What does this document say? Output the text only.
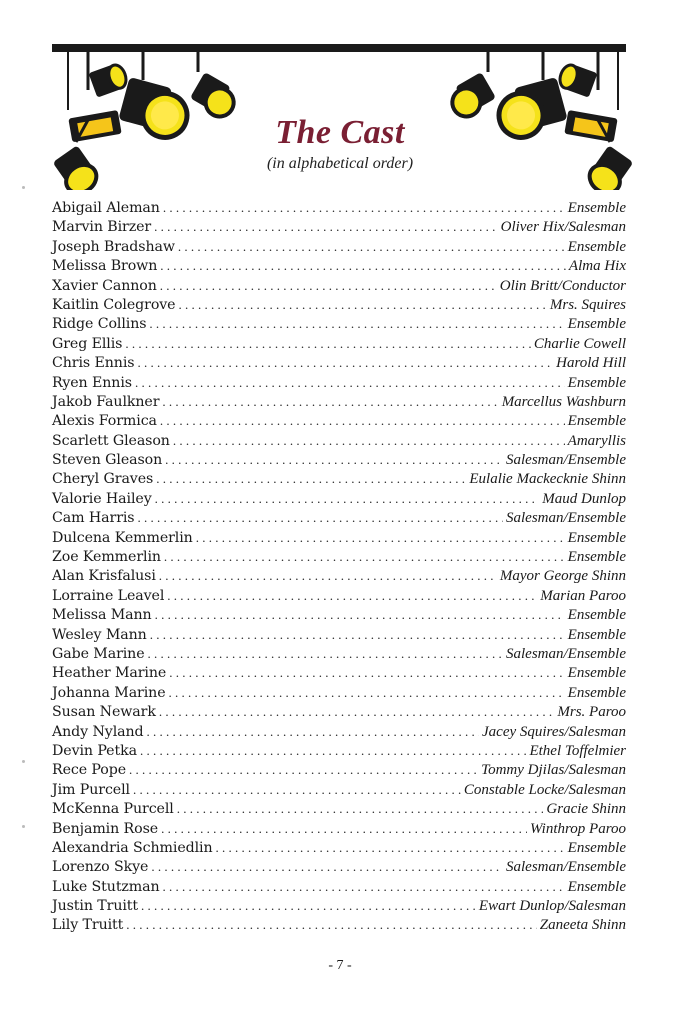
The Cast
(in alphabetical order)
Abigail Aleman . . .	Ensemble
Marvin Birzer . . .	Oliver Hix/Salesman
Joseph Bradshaw . . .	Ensemble
Melissa Brown . . .	Alma Hix
Xavier Cannon . . .	Olin Britt/Conductor
Kaitlin Colegrove . . .	Mrs. Squires
Ridge Collins . . .	Ensemble
Greg Ellis . . .	Charlie Cowell
Chris Ennis . . .	Harold Hill
Ryen Ennis . . .	Ensemble
Jakob Faulkner . . .	Marcellus Washburn
Alexis Formica . . .	Ensemble
Scarlett Gleason . . .	Amaryllis
Steven Gleason . . .	Salesman/Ensemble
Cheryl Graves . . .	Eulalie Mackecknie Shinn
Valorie Hailey . . .	Maud Dunlop
Cam Harris . . .	Salesman/Ensemble
Dulcena Kemmerlin . . .	Ensemble
Zoe Kemmerlin . . .	Ensemble
Alan Krisfalusi . . .	Mayor George Shinn
Lorraine Leavel . . .	Marian Paroo
Melissa Mann . . .	Ensemble
Wesley Mann . . .	Ensemble
Gabe Marine . . .	Salesman/Ensemble
Heather Marine . . .	Ensemble
Johanna Marine . . .	Ensemble
Susan Newark . . .	Mrs. Paroo
Andy Nyland . . .	Jacey Squires/Salesman
Devin Petka . . .	Ethel Toffelmier
Rece Pope . . .	Tommy Djilas/Salesman
Jim Purcell . . .	Constable Locke/Salesman
McKenna Purcell . . .	Gracie Shinn
Benjamin Rose . . .	Winthrop Paroo
Alexandria Schmiedlin . . .	Ensemble
Lorenzo Skye . . .	Salesman/Ensemble
Luke Stutzman . . .	Ensemble
Justin Truitt . . .	Ewart Dunlop/Salesman
Lily Truitt . . .	Zaneeta Shinn
- 7 -
